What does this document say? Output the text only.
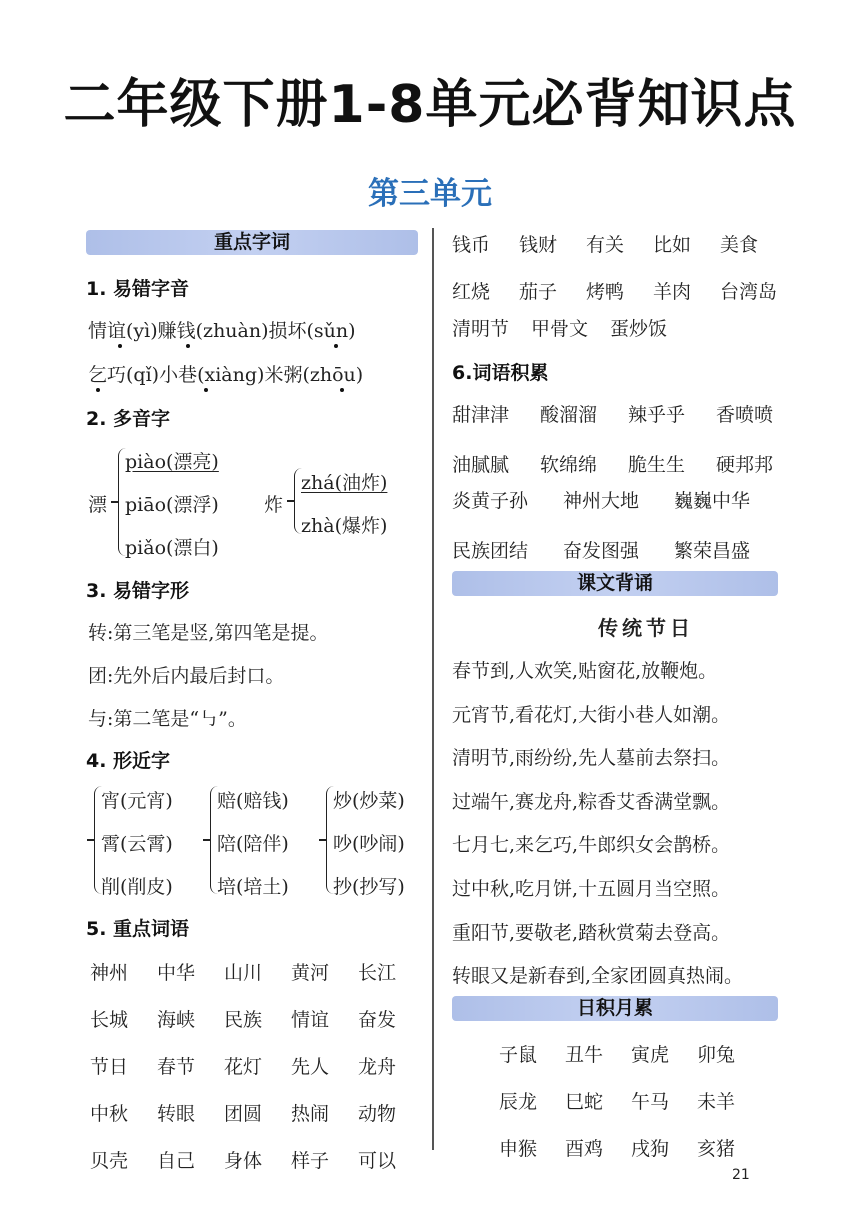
二年级下册1-8单元必背知识点
第三单元
重点字词
1. 易错字音
情谊(yì)赚钱(zhuàn)损坏(sǔn)
乞巧(qǐ)小巷(xiàng)米粥(zhōu)
2. 多音字
漂
piào(漂亮)
piāo(漂浮)
piǎo(漂白)
炸
zhá(油炸)
zhà(爆炸)
3. 易错字形
转:第三笔是竖,第四笔是提。
团:先外后内最后封口。
与:第二笔是“㇉”。
4. 形近字
宵(元宵)
霄(云霄)
削(削皮)
赔(赔钱)
陪(陪伴)
培(培土)
炒(炒菜)
吵(吵闹)
抄(抄写)
5. 重点词语
神州	中华	山川	黄河	长江
长城	海峡	民族	情谊	奋发
节日	春节	花灯	先人	龙舟
中秋	转眼	团圆	热闹	动物
贝壳	自己	身体	样子	可以
钱币	钱财	有关	比如	美食
红烧	茄子	烤鸭	羊肉	台湾岛
清明节 甲骨文 蛋炒饭
6.词语积累
甜津津	酸溜溜	辣乎乎	香喷喷
油腻腻	软绵绵	脆生生	硬邦邦
炎黄子孙	神州大地	巍巍中华
民族团结	奋发图强	繁荣昌盛
课文背诵
传统节日
春节到,人欢笑,贴窗花,放鞭炮。
元宵节,看花灯,大街小巷人如潮。
清明节,雨纷纷,先人墓前去祭扫。
过端午,赛龙舟,粽香艾香满堂飘。
七月七,来乞巧,牛郎织女会鹊桥。
过中秋,吃月饼,十五圆月当空照。
重阳节,要敬老,踏秋赏菊去登高。
转眼又是新春到,全家团圆真热闹。
日积月累
子鼠	丑牛	寅虎	卯兔
辰龙	巳蛇	午马	未羊
申猴	酉鸡	戌狗	亥猪
21
